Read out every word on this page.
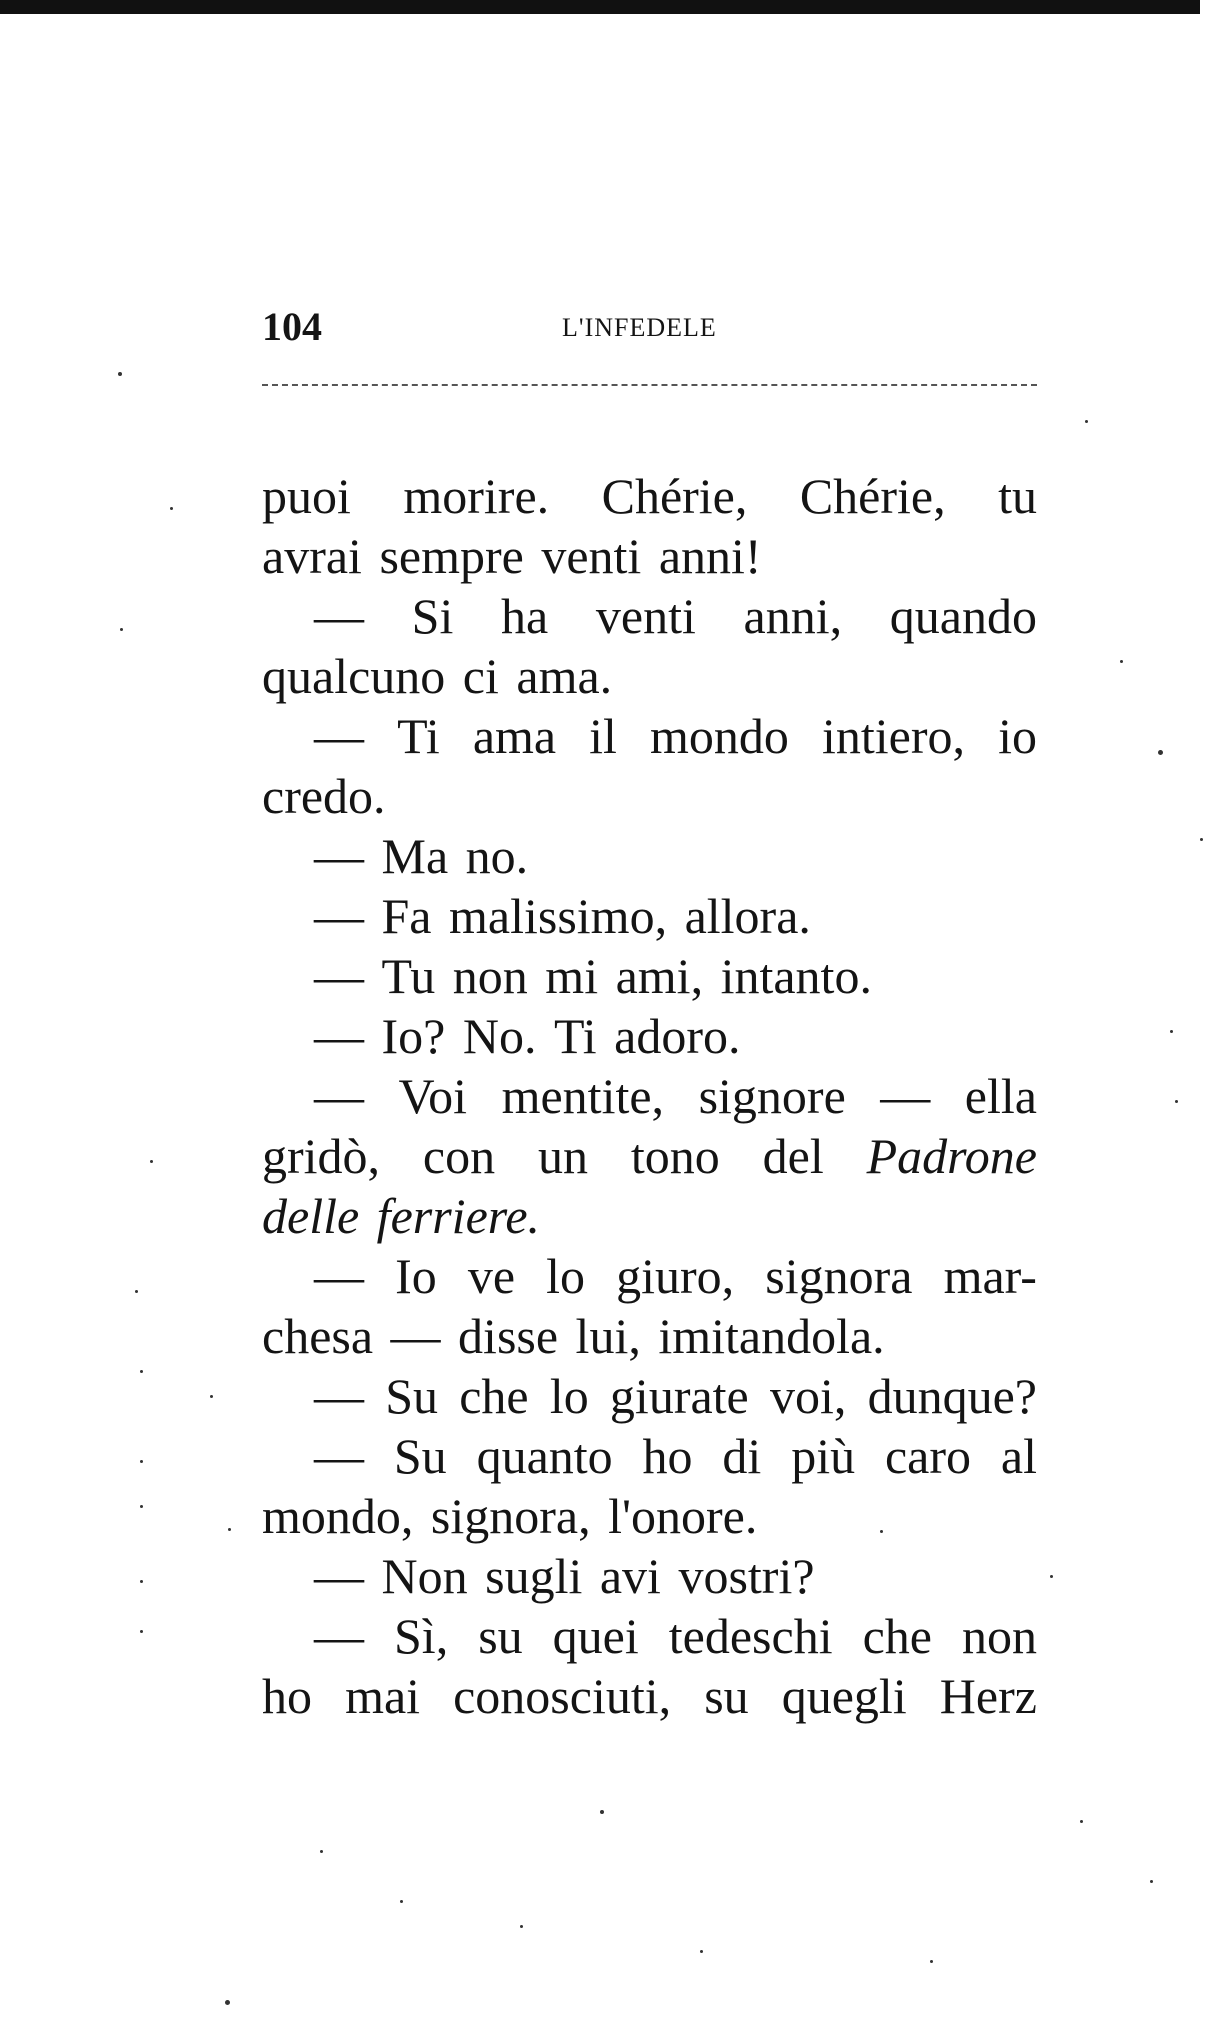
104	L'INFEDELE
puoi morire. Chérie, Chérie, tu
avrai sempre venti anni!
— Si ha venti anni, quando
qualcuno ci ama.
— Ti ama il mondo intiero, io
credo.
— Ma no.
— Fa malissimo, allora.
— Tu non mi ami, intanto.
— Io? No. Ti adoro.
— Voi mentite, signore — ella
gridò, con un tono del Padrone
delle ferriere.
— Io ve lo giuro, signora mar-
chesa — disse lui, imitandola.
— Su che lo giurate voi, dunque?
— Su quanto ho di più caro al
mondo, signora, l'onore.
— Non sugli avi vostri?
— Sì, su quei tedeschi che non
ho mai conosciuti, su quegli Herz
